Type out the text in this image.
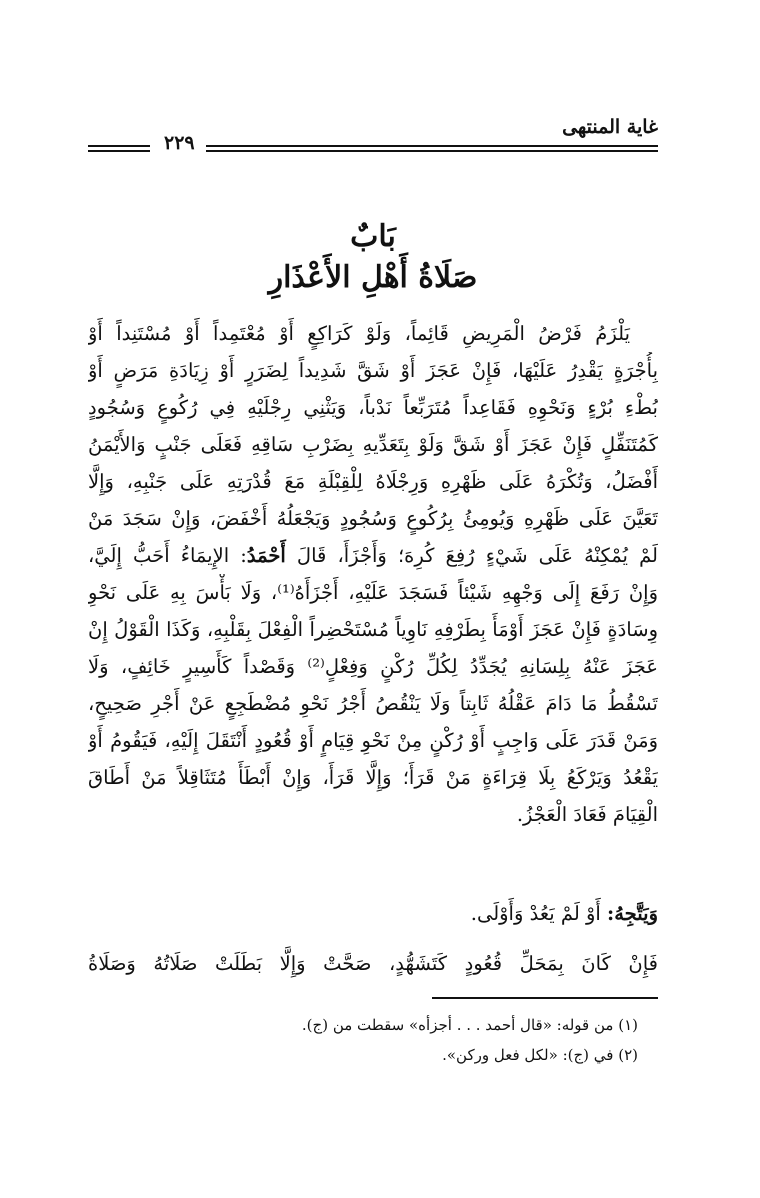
٢٢٩
غاية المنتهى
بَابٌ
صَلَاةُ أَهْلِ الأَعْذَارِ
يَلْزَمُ فَرْضُ الْمَرِيضِ قَائِماً، وَلَوْ كَرَاكِعٍ أَوْ مُعْتَمِداً أَوْ مُسْتَنِداً أَوْ
بِأُجْرَةٍ يَقْدِرُ عَلَيْهَا، فَإِنْ عَجَزَ أَوْ شَقَّ شَدِيداً لِضَرَرٍ أَوْ زِيَادَةِ مَرَضٍ أَوْ
بُطْءِ بُرْءٍ وَنَحْوِهِ فَقَاعِداً مُتَرَبِّعاً نَدْباً، وَيَثْنِي رِجْلَيْهِ فِي رُكُوعٍ وَسُجُودٍ
كَمُتَنَفِّلٍ فَإِنْ عَجَزَ أَوْ شَقَّ وَلَوْ بِتَعَدِّيهِ بِضَرْبِ سَاقِهِ فَعَلَى جَنْبٍ وَالأَيْمَنُ
أَفْضَلُ، وَتُكْرَهُ عَلَى ظَهْرِهِ وَرِجْلَاهُ لِلْقِبْلَةِ مَعَ قُدْرَتِهِ عَلَى جَنْبِهِ، وَإِلَّا
تَعَيَّنَ عَلَى ظَهْرِهِ وَيُومِئُ بِرُكُوعٍ وَسُجُودٍ وَيَجْعَلُهُ أَخْفَضَ، وَإِنْ سَجَدَ مَنْ
لَمْ يُمْكِنْهُ عَلَى شَيْءٍ رُفِعَ كُرِهَ؛ وَأَجْزَأَ، قَالَ أَحْمَدُ: الإِيمَاءُ أَحَبُّ إِلَيَّ،
وَإِنْ رَفَعَ إِلَى وَجْهِهِ شَيْئاً فَسَجَدَ عَلَيْهِ، أَجْزَأَهُ⁽¹⁾، وَلَا بَأْسَ بِهِ عَلَى نَحْوِ
وِسَادَةٍ فَإِنْ عَجَزَ أَوْمَأَ بِطَرْفِهِ نَاوِياً مُسْتَحْضِراً الْفِعْلَ بِقَلْبِهِ، وَكَذَا الْقَوْلُ إِنْ
عَجَزَ عَنْهُ بِلِسَانِهِ يُجَدِّدُ لِكُلِّ رُكْنٍ وَفِعْلٍ⁽²⁾ وَقَصْداً كَأَسِيرٍ خَائِفٍ، وَلَا
تَسْقُطُ مَا دَامَ عَقْلُهُ ثَابِتاً وَلَا يَنْقُصُ أَجْرُ نَحْوِ مُضْطَجِعٍ عَنْ أَجْرِ صَحِيحٍ،
وَمَنْ قَدَرَ عَلَى وَاجِبٍ أَوْ رُكْنٍ مِنْ نَحْوِ قِيَامٍ أَوْ قُعُودٍ أَنْتَقَلَ إِلَيْهِ، فَيَقُومُ أَوْ
يَقْعُدُ وَيَرْكَعُ بِلَا قِرَاءَةٍ مَنْ قَرَأَ؛ وَإِلَّا قَرَأَ، وَإِنْ أَبْطَأَ مُتَثَاقِلاً مَنْ أَطَاقَ
الْقِيَامَ فَعَادَ الْعَجْزُ.
وَيَتَّجِهُ: أَوْ لَمْ يَعُدْ وَأَوْلَى.
فَإِنْ كَانَ بِمَحَلِّ قُعُودٍ كَتَشَهُّدٍ، صَحَّتْ وَإِلَّا بَطَلَتْ صَلَاتُهُ وَصَلَاةُ
(١) من قوله: «قال أحمد . . . أجزأه» سقطت من (ج).
(٢) في (ج): «لكل فعل وركن».
